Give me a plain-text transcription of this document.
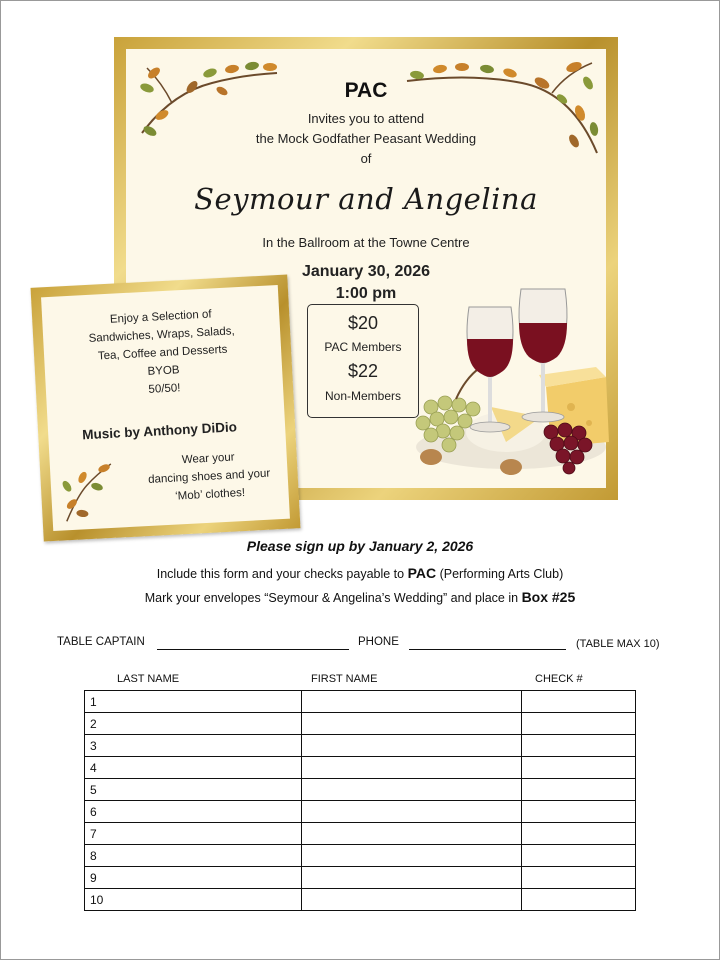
PAC
Invites you to attend
the Mock Godfather Peasant Wedding
of
Seymour and Angelina
In the Ballroom at the Towne Centre
January 30, 2026
1:00 pm
$20
PAC Members
$22
Non-Members
Enjoy a Selection of
Sandwiches, Wraps, Salads,
Tea, Coffee and Desserts
BYOB
50/50!
Music by Anthony DiDio
Wear your
dancing shoes and your
‘Mob’ clothes!
Please sign up by January 2, 2026
Include this form and your checks payable to PAC (Performing Arts Club)
Mark your envelopes “Seymour & Angelina’s Wedding” and place in Box #25
TABLE CAPTAIN	PHONE	(TABLE MAX 10)
LAST NAME	FIRST NAME	CHECK #
1		
2		
3		
4		
5		
6		
7		
8		
9		
10		
